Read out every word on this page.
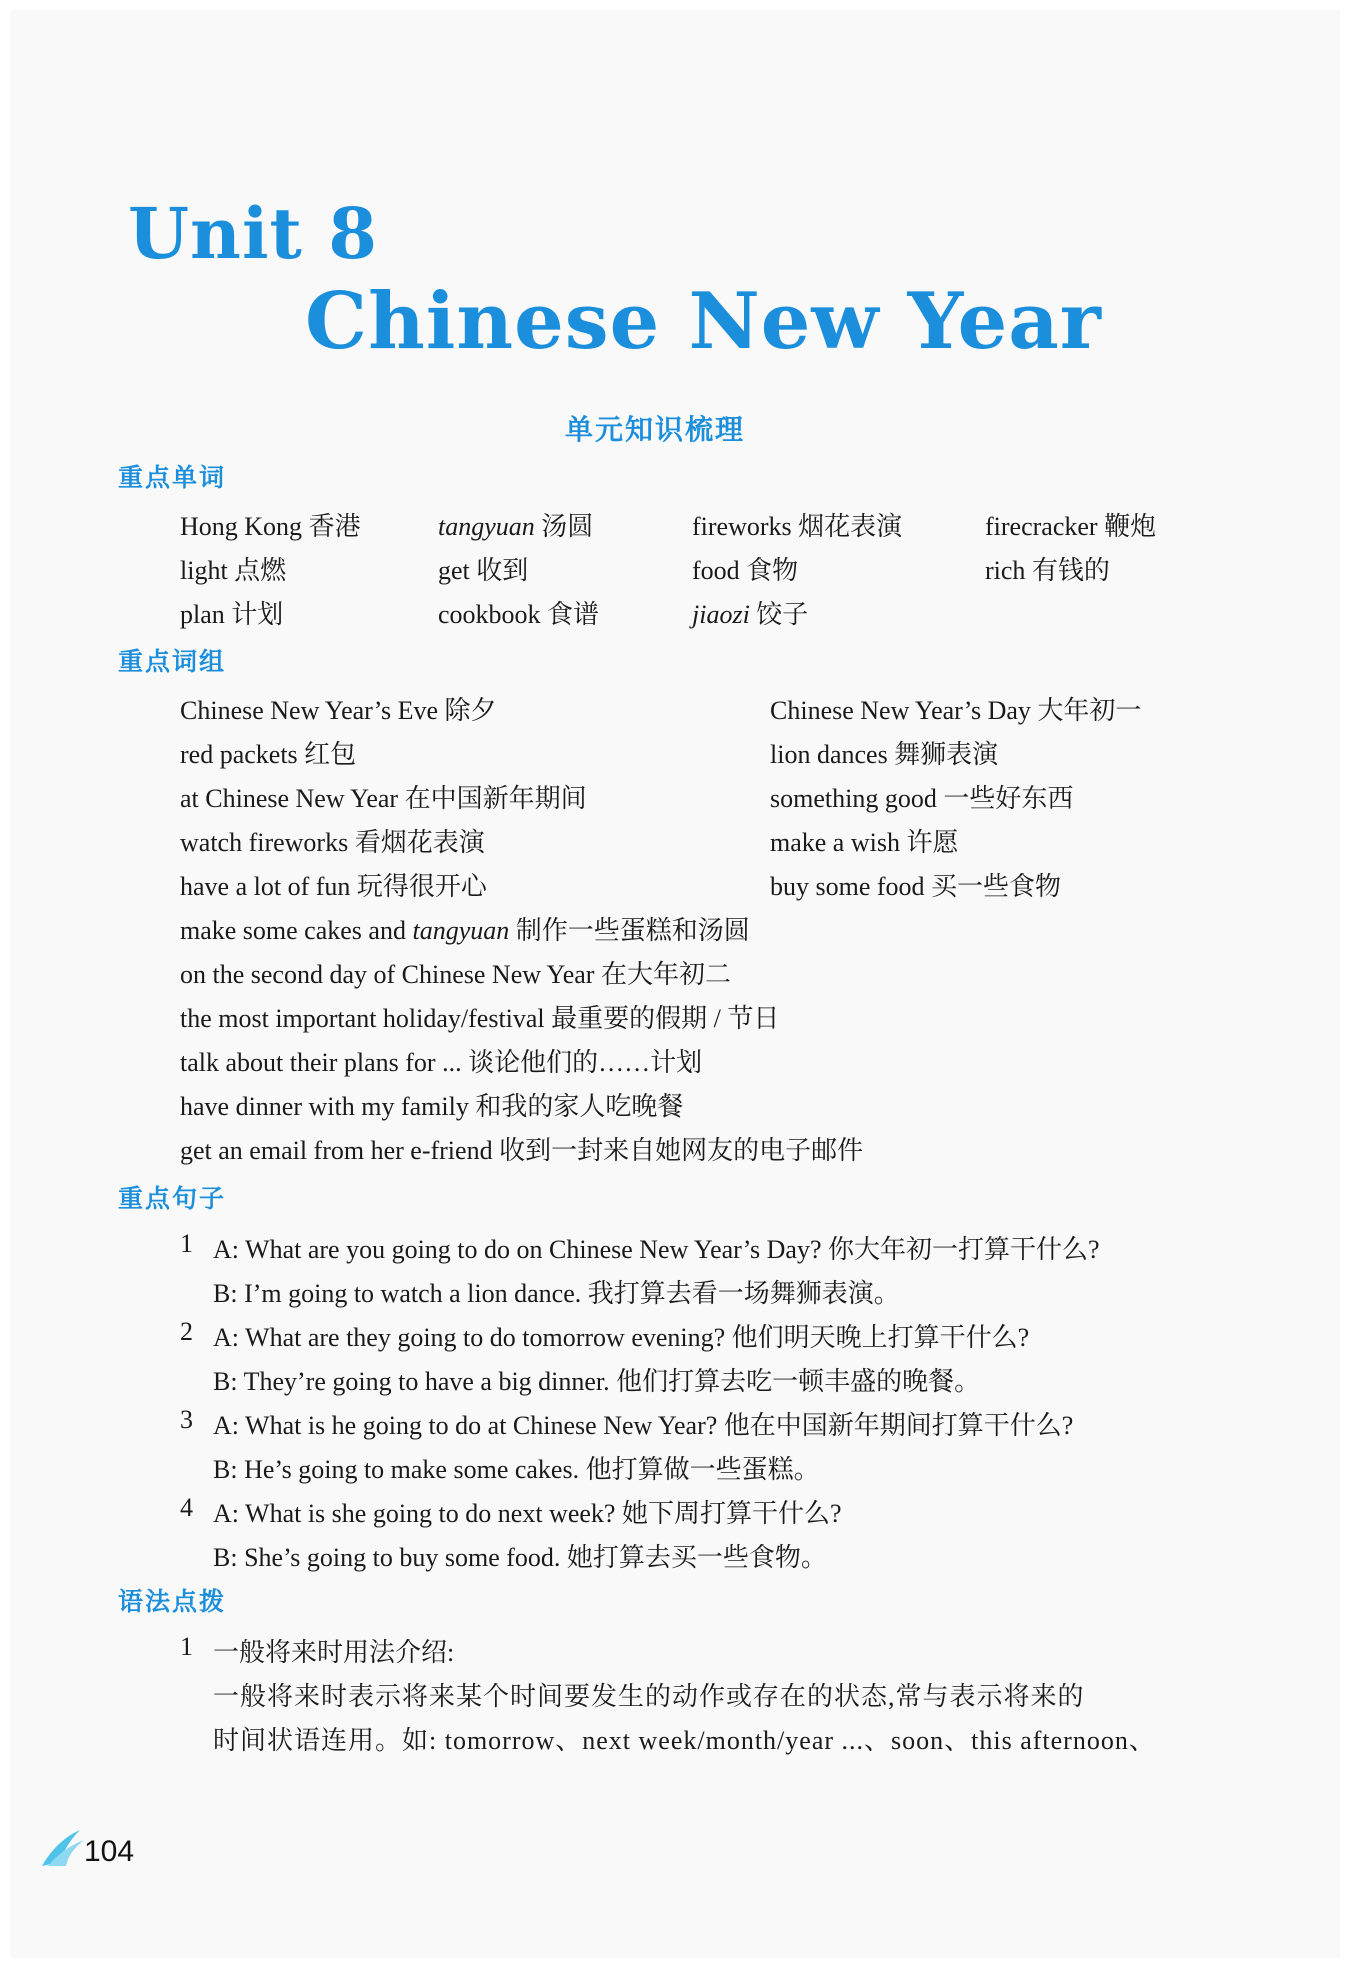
Unit 8
Chinese New Year
单元知识梳理
重点单词
Hong Kong 香港	tangyuan 汤圆	fireworks 烟花表演	firecracker 鞭炮
light 点燃	get 收到	food 食物	rich 有钱的
plan 计划	cookbook 食谱	jiaozi 饺子
重点词组
Chinese New Year’s Eve 除夕	Chinese New Year’s Day 大年初一
red packets 红包	lion dances 舞狮表演
at Chinese New Year 在中国新年期间	something good 一些好东西
watch fireworks 看烟花表演	make a wish 许愿
have a lot of fun 玩得很开心	buy some food 买一些食物
make some cakes and tangyuan 制作一些蛋糕和汤圆
on the second day of Chinese New Year 在大年初二
the most important holiday/festival 最重要的假期 / 节日
talk about their plans for ... 谈论他们的……计划
have dinner with my family 和我的家人吃晚餐
get an email from her e-friend 收到一封来自她网友的电子邮件
重点句子
1 A: What are you going to do on Chinese New Year’s Day? 你大年初一打算干什么?
B: I’m going to watch a lion dance. 我打算去看一场舞狮表演。
2 A: What are they going to do tomorrow evening? 他们明天晚上打算干什么?
B: They’re going to have a big dinner. 他们打算去吃一顿丰盛的晚餐。
3 A: What is he going to do at Chinese New Year? 他在中国新年期间打算干什么?
B: He’s going to make some cakes. 他打算做一些蛋糕。
4 A: What is she going to do next week? 她下周打算干什么?
B: She’s going to buy some food. 她打算去买一些食物。
语法点拨
1 一般将来时用法介绍:
一般将来时表示将来某个时间要发生的动作或存在的状态,常与表示将来的
时间状语连用。如: tomorrow、next week/month/year ...、soon、this afternoon、
104
